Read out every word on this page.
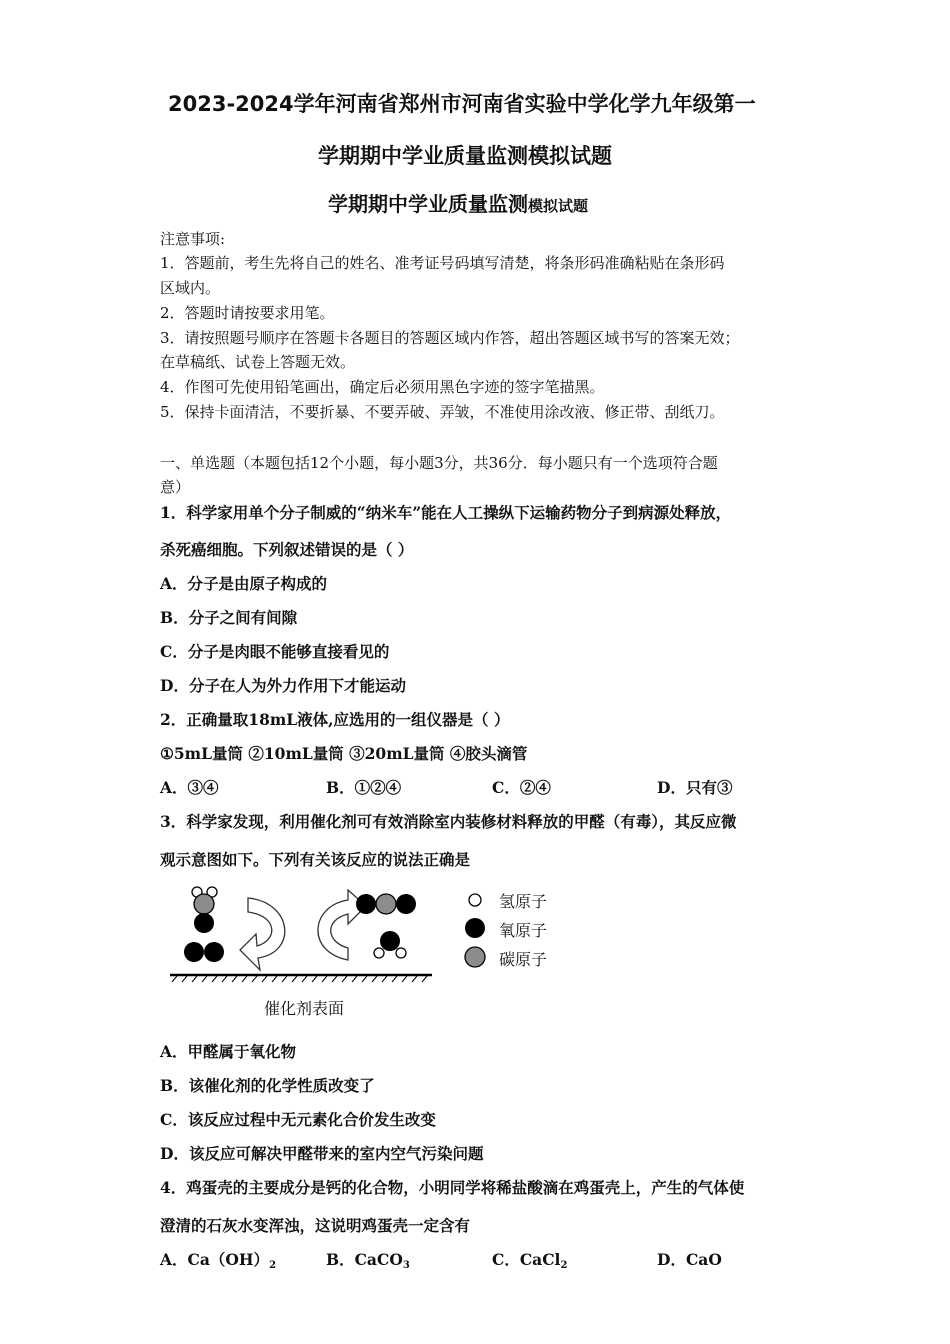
2023-2024学年河南省郑州市河南省实验中学化学九年级第一
学期期中学业质量监测模拟试题
学期期中学业质量监测模拟试题
注意事项:
1．答题前，考生先将自己的姓名、准考证号码填写清楚，将条形码准确粘贴在条形码
区域内。
2．答题时请按要求用笔。
3．请按照题号顺序在答题卡各题目的答题区域内作答，超出答题区域书写的答案无效；
在草稿纸、试卷上答题无效。
4．作图可先使用铅笔画出，确定后必须用黑色字迹的签字笔描黑。
5．保持卡面清洁，不要折暴、不要弄破、弄皱，不准使用涂改液、修正带、刮纸刀。
一、单选题（本题包括12个小题，每小题3分，共36分．每小题只有一个选项符合题
意）
1．科学家用单个分子制威的“纳米车”能在人工操纵下运输药物分子到病源处释放，
杀死癌细胞。下列叙述错误的是（ ）
A．分子是由原子构成的
B．分子之间有间隙
C．分子是肉眼不能够直接看见的
D．分子在人为外力作用下才能运动
2．正确量取18mL液体,应选用的一组仪器是（ ）
①5mL量筒 ②10mL量筒 ③20mL量筒 ④胶头滴管
A．③④	B．①②④	C．②④	D．只有③
3．科学家发现，利用催化剂可有效消除室内装修材料释放的甲醛（有毒），其反应微
观示意图如下。下列有关该反应的说法正确是
氢原子
氧原子
碳原子
催化剂表面
A．甲醛属于氧化物
B．该催化剂的化学性质改变了
C．该反应过程中无元素化合价发生改变
D．该反应可解决甲醛带来的室内空气污染问题
4．鸡蛋壳的主要成分是钙的化合物，小明同学将稀盐酸滴在鸡蛋壳上，产生的气体使
澄清的石灰水变浑浊，这说明鸡蛋壳一定含有
A．$Ca(OH)_2$	B．CaCO$_3$	C．CaCl$_2$	D．CaO
